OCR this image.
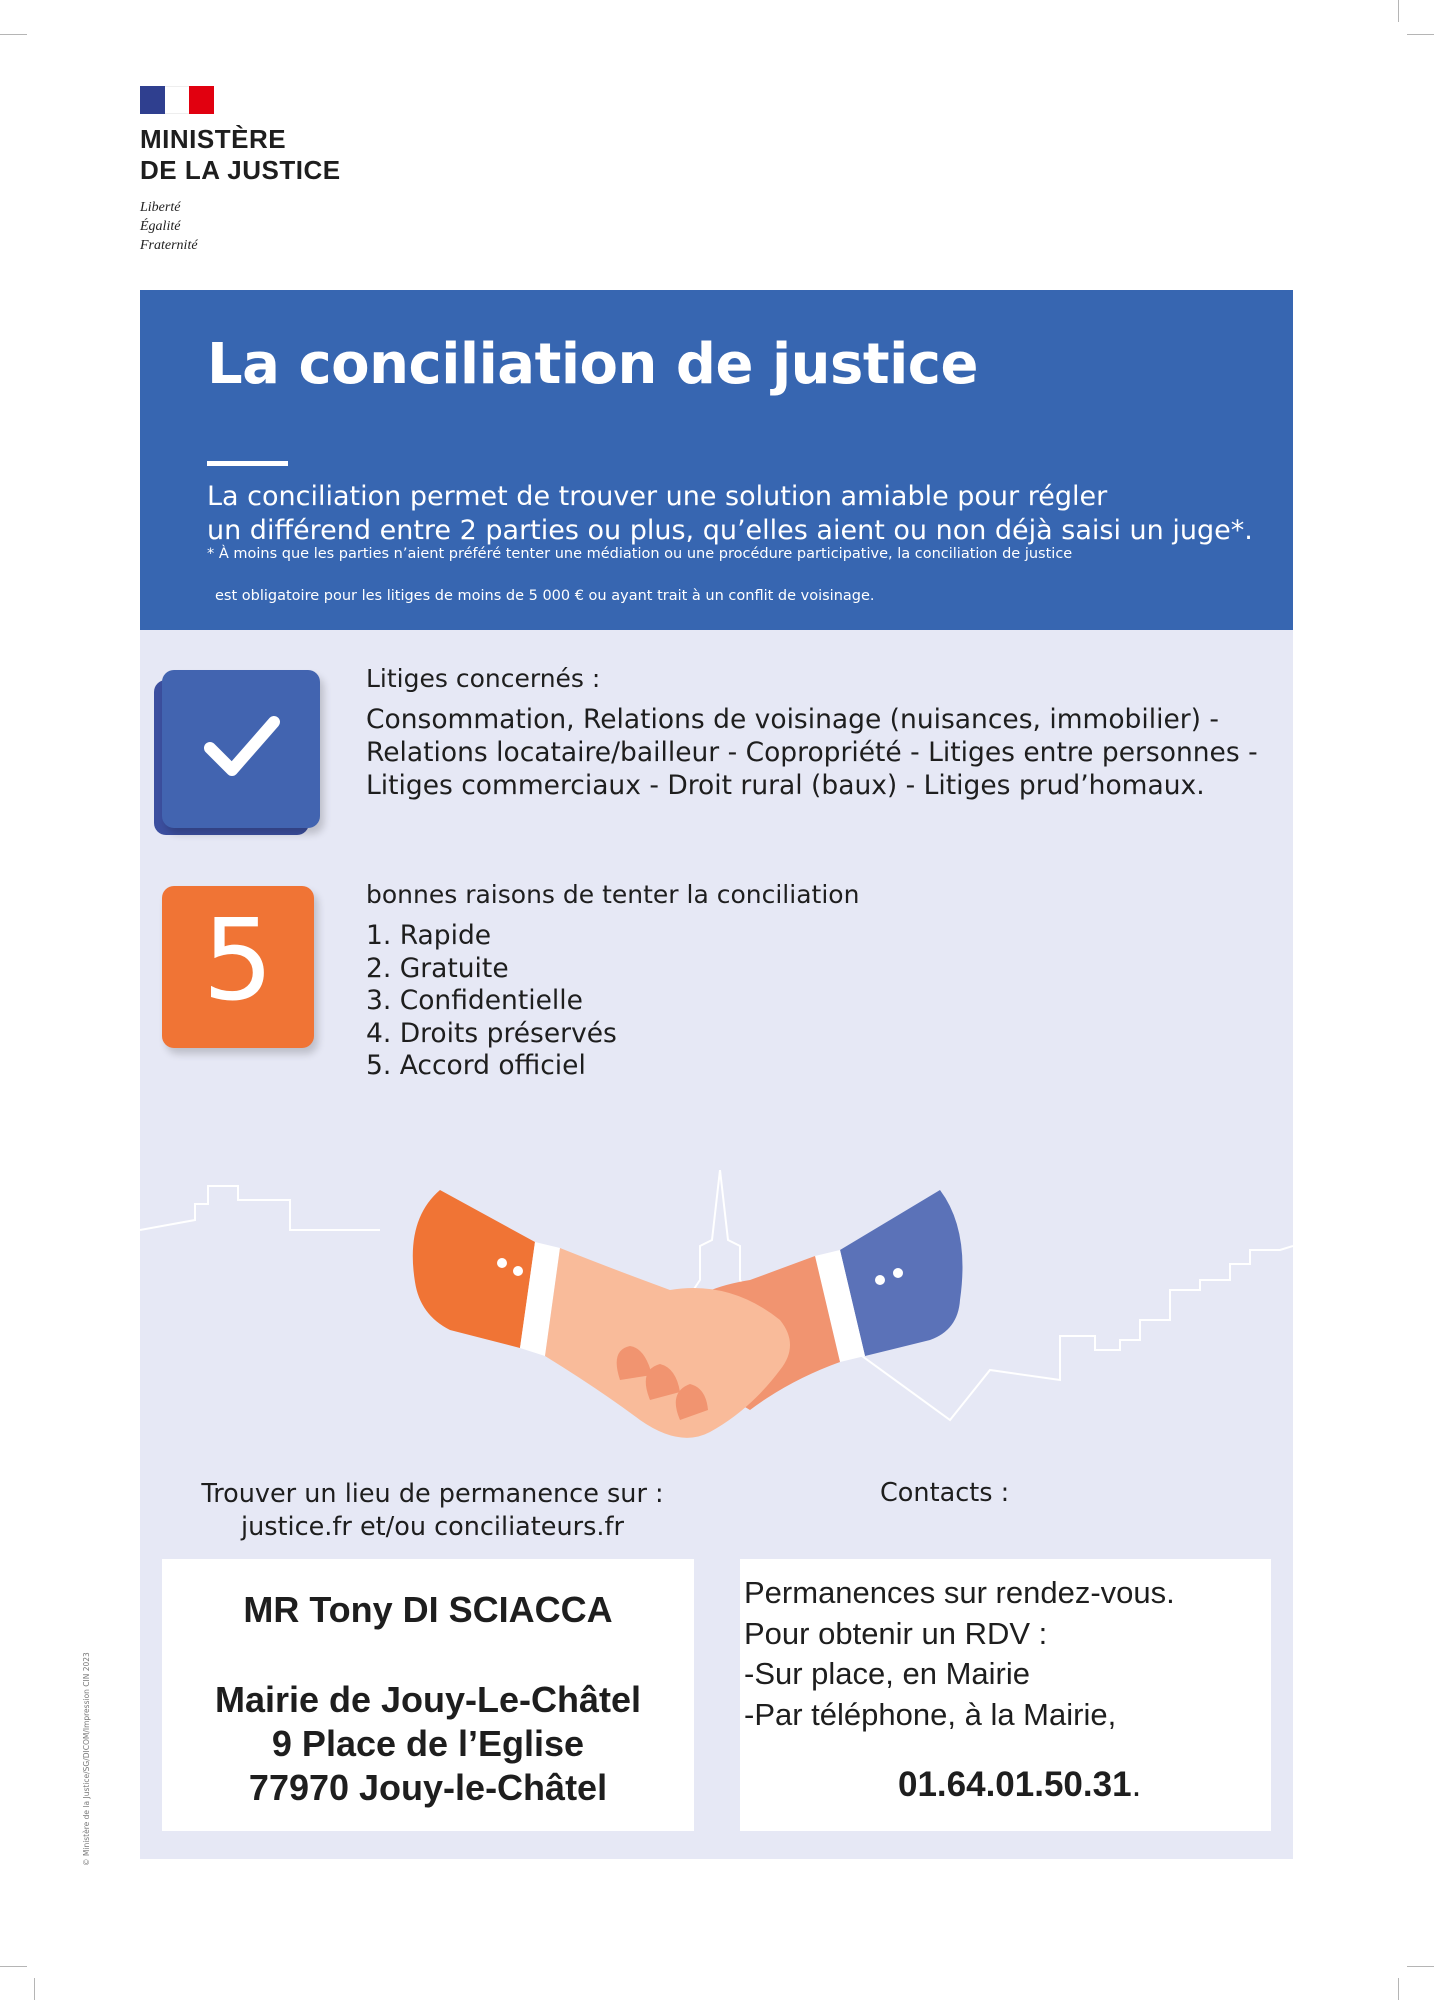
MINISTÈRE
DE LA JUSTICE
Liberté
Égalité
Fraternité
La conciliation de justice
La conciliation permet de trouver une solution amiable pour régler
un différend entre 2 parties ou plus, qu’elles aient ou non déjà saisi un juge*.
* À moins que les parties n’aient préféré tenter une médiation ou une procédure participative, la conciliation de justice
est obligatoire pour les litiges de moins de 5 000 € ou ayant trait à un conflit de voisinage.
Litiges concernés :
Consommation, Relations de voisinage (nuisances, immobilier) -
Relations locataire/bailleur - Copropriété - Litiges entre personnes -
Litiges commerciaux - Droit rural (baux) - Litiges prud’homaux.
5
bonnes raisons de tenter la conciliation
1. Rapide
2. Gratuite
3. Confidentielle
4. Droits préservés
5. Accord officiel
Trouver un lieu de permanence sur :
justice.fr et/ou conciliateurs.fr
Contacts :
MR Tony DI SCIACCA
Mairie de Jouy-Le-Châtel
9 Place de l’Eglise
77970 Jouy-le-Châtel
Permanences sur rendez-vous.
Pour obtenir un RDV :
-Sur place, en Mairie
-Par téléphone, à la Mairie,
01.64.01.50.31.
© Ministère de la Justice/SG/DICOM/Impression CIN 2023
